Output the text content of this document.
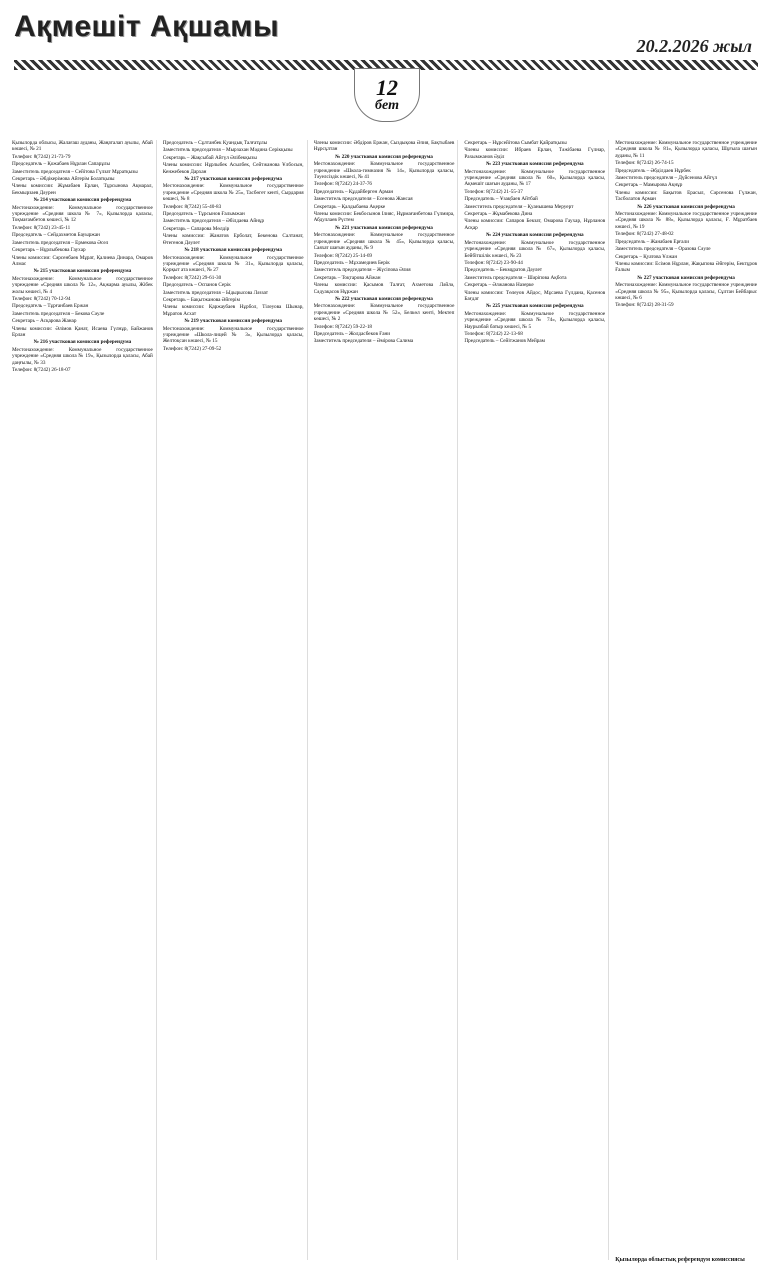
Ақмешіт Ақшамы
20.2.2026 жыл
12
бет
Қызылорда облысы, Жалағаш ауданы, Жаңаталап ауылы, Абай көшесі, № 21
Телефон: 8(7242) 21-73-79
Председатель – Қожабаев Нұрлан Сапарұлы
Заместитель председателя – Сейітова Гүлзат Мұратқызы
Секретарь – Әбдікерімова Айгерім Болатқызы
Члены комиссии: Жұмабаев Ерлан, Тұрсынова Ақмарал, Бекмырзаев Дәурен
№ 214 участковая комиссия референдума
Местонахождение: Коммунальное государственное учреждение «Средняя школа № 7», Қызылорда қаласы, Тоқмағамбетов көшесі, № 12
Телефон: 8(7242) 23-45-11
Председатель – Сейдахметов Бауыржан
Заместитель председателя – Ермекова Әсел
Секретарь – Нұрлыбекова Гаухар
Члены комиссии: Сәрсенбаев Мұрат, Қалиева Динара, Омаров Алмас
№ 215 участковая комиссия референдума
Местонахождение: Коммунальное государственное учреждение «Средняя школа № 12», Ақжарма ауылы, Жібек жолы көшесі, № 4
Телефон: 8(7242) 70-12-94
Председатель – Тұрғанбаев Ержан
Заместитель председателя – Бекова Сәуле
Секретарь – Асқарова Жанар
Члены комиссии: Әлімов Қанат, Исаева Гүлнұр, Байжанов Ерлан
№ 216 участковая комиссия референдума
Местонахождение: Коммунальное государственное учреждение «Средняя школа № 19», Қызылорда қаласы, Абай даңғылы, № 33
Телефон: 8(7242) 26-18-07
Председатель – Сұлтанбек Қуандық Талғатұлы
Заместитель председателя – Мырзахан Мәдина Серікқызы
Секретарь – Жақсыбай Айгүл Әлібекқызы
Члены комиссии: Нұрлыбек Асылбек, Сейтжанова Ұлбосын, Кенжебеков Дархан
№ 217 участковая комиссия референдума
Местонахождение: Коммунальное государственное учреждение «Средняя школа № 25», Тасбөгет кенті, Сырдария көшесі, № 8
Телефон: 8(7242) 55-40-83
Председатель – Тұрсынов Ғалымжан
Заместитель председателя – Әбілдаева Айнұр
Секретарь – Сапарова Мөлдір
Члены комиссии: Жанатов Ерболат, Бекенова Салтанат, Өтегенов Дәулет
№ 218 участковая комиссия референдума
Местонахождение: Коммунальное государственное учреждение «Средняя школа № 31», Қызылорда қаласы, Қорқыт ата көшесі, № 27
Телефон: 8(7242) 29-61-30
Председатель – Оспанов Серік
Заместитель председателя – Ыдырысова Ләззат
Секретарь – Бақытжанова Әйгерім
Члены комиссии: Қаржаубаев Нұрбол, Тілеуова Шынар, Мұратов Асхат
№ 219 участковая комиссия референдума
Местонахождение: Коммунальное государственное учреждение «Школа-лицей № 3», Қызылорда қаласы, Желтоқсан көшесі, № 15
Телефон: 8(7242) 27-09-52
Члены комиссии: Әбдіров Ержан, Сыздықова Әлия, Бақтыбаев Нұрсұлтан
№ 220 участковая комиссия референдума
Местонахождение: Коммунальное государственное учреждение «Школа-гимназия № 14», Қызылорда қаласы, Тәуелсіздік көшесі, № 41
Телефон: 8(7242) 24-37-76
Председатель – Құдайберген Арман
Заместитель председателя – Есенова Жансая
Секретарь – Қалдыбаева Ақерке
Члены комиссии: Бекбосынов Ілияс, Нұрмағанбетова Гүлмира, Абдуллаев Рүстем
№ 221 участковая комиссия референдума
Местонахождение: Коммунальное государственное учреждение «Средняя школа № 45», Қызылорда қаласы, Саяхат шағын ауданы, № 9
Телефон: 8(7242) 25-14-69
Председатель – Мұхамедиев Берік
Заместитель председателя – Жүсіпова Әлия
Секретарь – Тоқтарова Айжан
Члены комиссии: Қасымов Талғат, Ахметова Ләйлә, Сәдуақасов Нұржан
№ 222 участковая комиссия референдума
Местонахождение: Коммунальное государственное учреждение «Средняя школа № 52», Белкөл кенті, Мектеп көшесі, № 2
Телефон: 8(7242) 59-22-18
Председатель – Жолдасбеков Ғани
Заместитель председателя – Әмірова Салима
Секретарь – Нұрсейітова Сымбат Қайратқызы
Члены комиссии: Ибраев Ерлан, Тәжібаева Гүлнар, Рахымжанов Әділ
№ 223 участковая комиссия референдума
Местонахождение: Коммунальное государственное учреждение «Средняя школа № 60», Қызылорда қаласы, Ақмешіт шағын ауданы, № 17
Телефон: 8(7242) 21-55-37
Председатель – Ұзақбаев Айтбай
Заместитель председателя – Қуанышева Меруерт
Секретарь – Жұмабекова Дина
Члены комиссии: Сапаров Бекзат, Омарова Гаухар, Нұрланов Асқар
№ 224 участковая комиссия референдума
Местонахождение: Коммунальное государственное учреждение «Средняя школа № 67», Қызылорда қаласы, Бейбітшілік көшесі, № 23
Телефон: 8(7242) 23-90-44
Председатель – Бекмұратов Дәулет
Заместитель председателя – Шәріпова Ақбота
Секретарь – Әлжанова Назерке
Члены комиссии: Төлеуов Айдос, Мұсаева Гүлдана, Қасенов Бағдат
№ 225 участковая комиссия референдума
Местонахождение: Коммунальное государственное учреждение «Средняя школа № 74», Қызылорда қаласы, Наурызбай батыр көшесі, № 5
Телефон: 8(7242) 22-13-68
Председатель – Сейітжанов Мейрам
Местонахождение: Коммунальное государственное учреждение «Средняя школа № 81», Қызылорда қаласы, Шұғыла шағын ауданы, № 11
Телефон: 8(7242) 26-74-15
Председатель – Әбділдаев Нұрбек
Заместитель председателя – Дүйсенова Айгүл
Секретарь – Мамырова Ақнұр
Члены комиссии: Бақытов Ерасыл, Сәрсенова Гүлжан, Тасболатов Арман
№ 226 участковая комиссия референдума
Местонахождение: Коммунальное государственное учреждение «Средняя школа № 88», Қызылорда қаласы, Ғ. Мұратбаев көшесі, № 19
Телефон: 8(7242) 27-48-02
Председатель – Жанабаев Ерғали
Заместитель председателя – Оразова Сәуле
Секретарь – Қуатова Ұлжан
Члены комиссии: Есімов Нұрлан, Жақыпова Әйгерім, Бектұров Ғалым
№ 227 участковая комиссия референдума
Местонахождение: Коммунальное государственное учреждение «Средняя школа № 95», Қызылорда қаласы, Сұлтан Бейбарыс көшесі, № 6
Телефон: 8(7242) 28-31-59
Қызылорда облыстық референдум комиссиясы
